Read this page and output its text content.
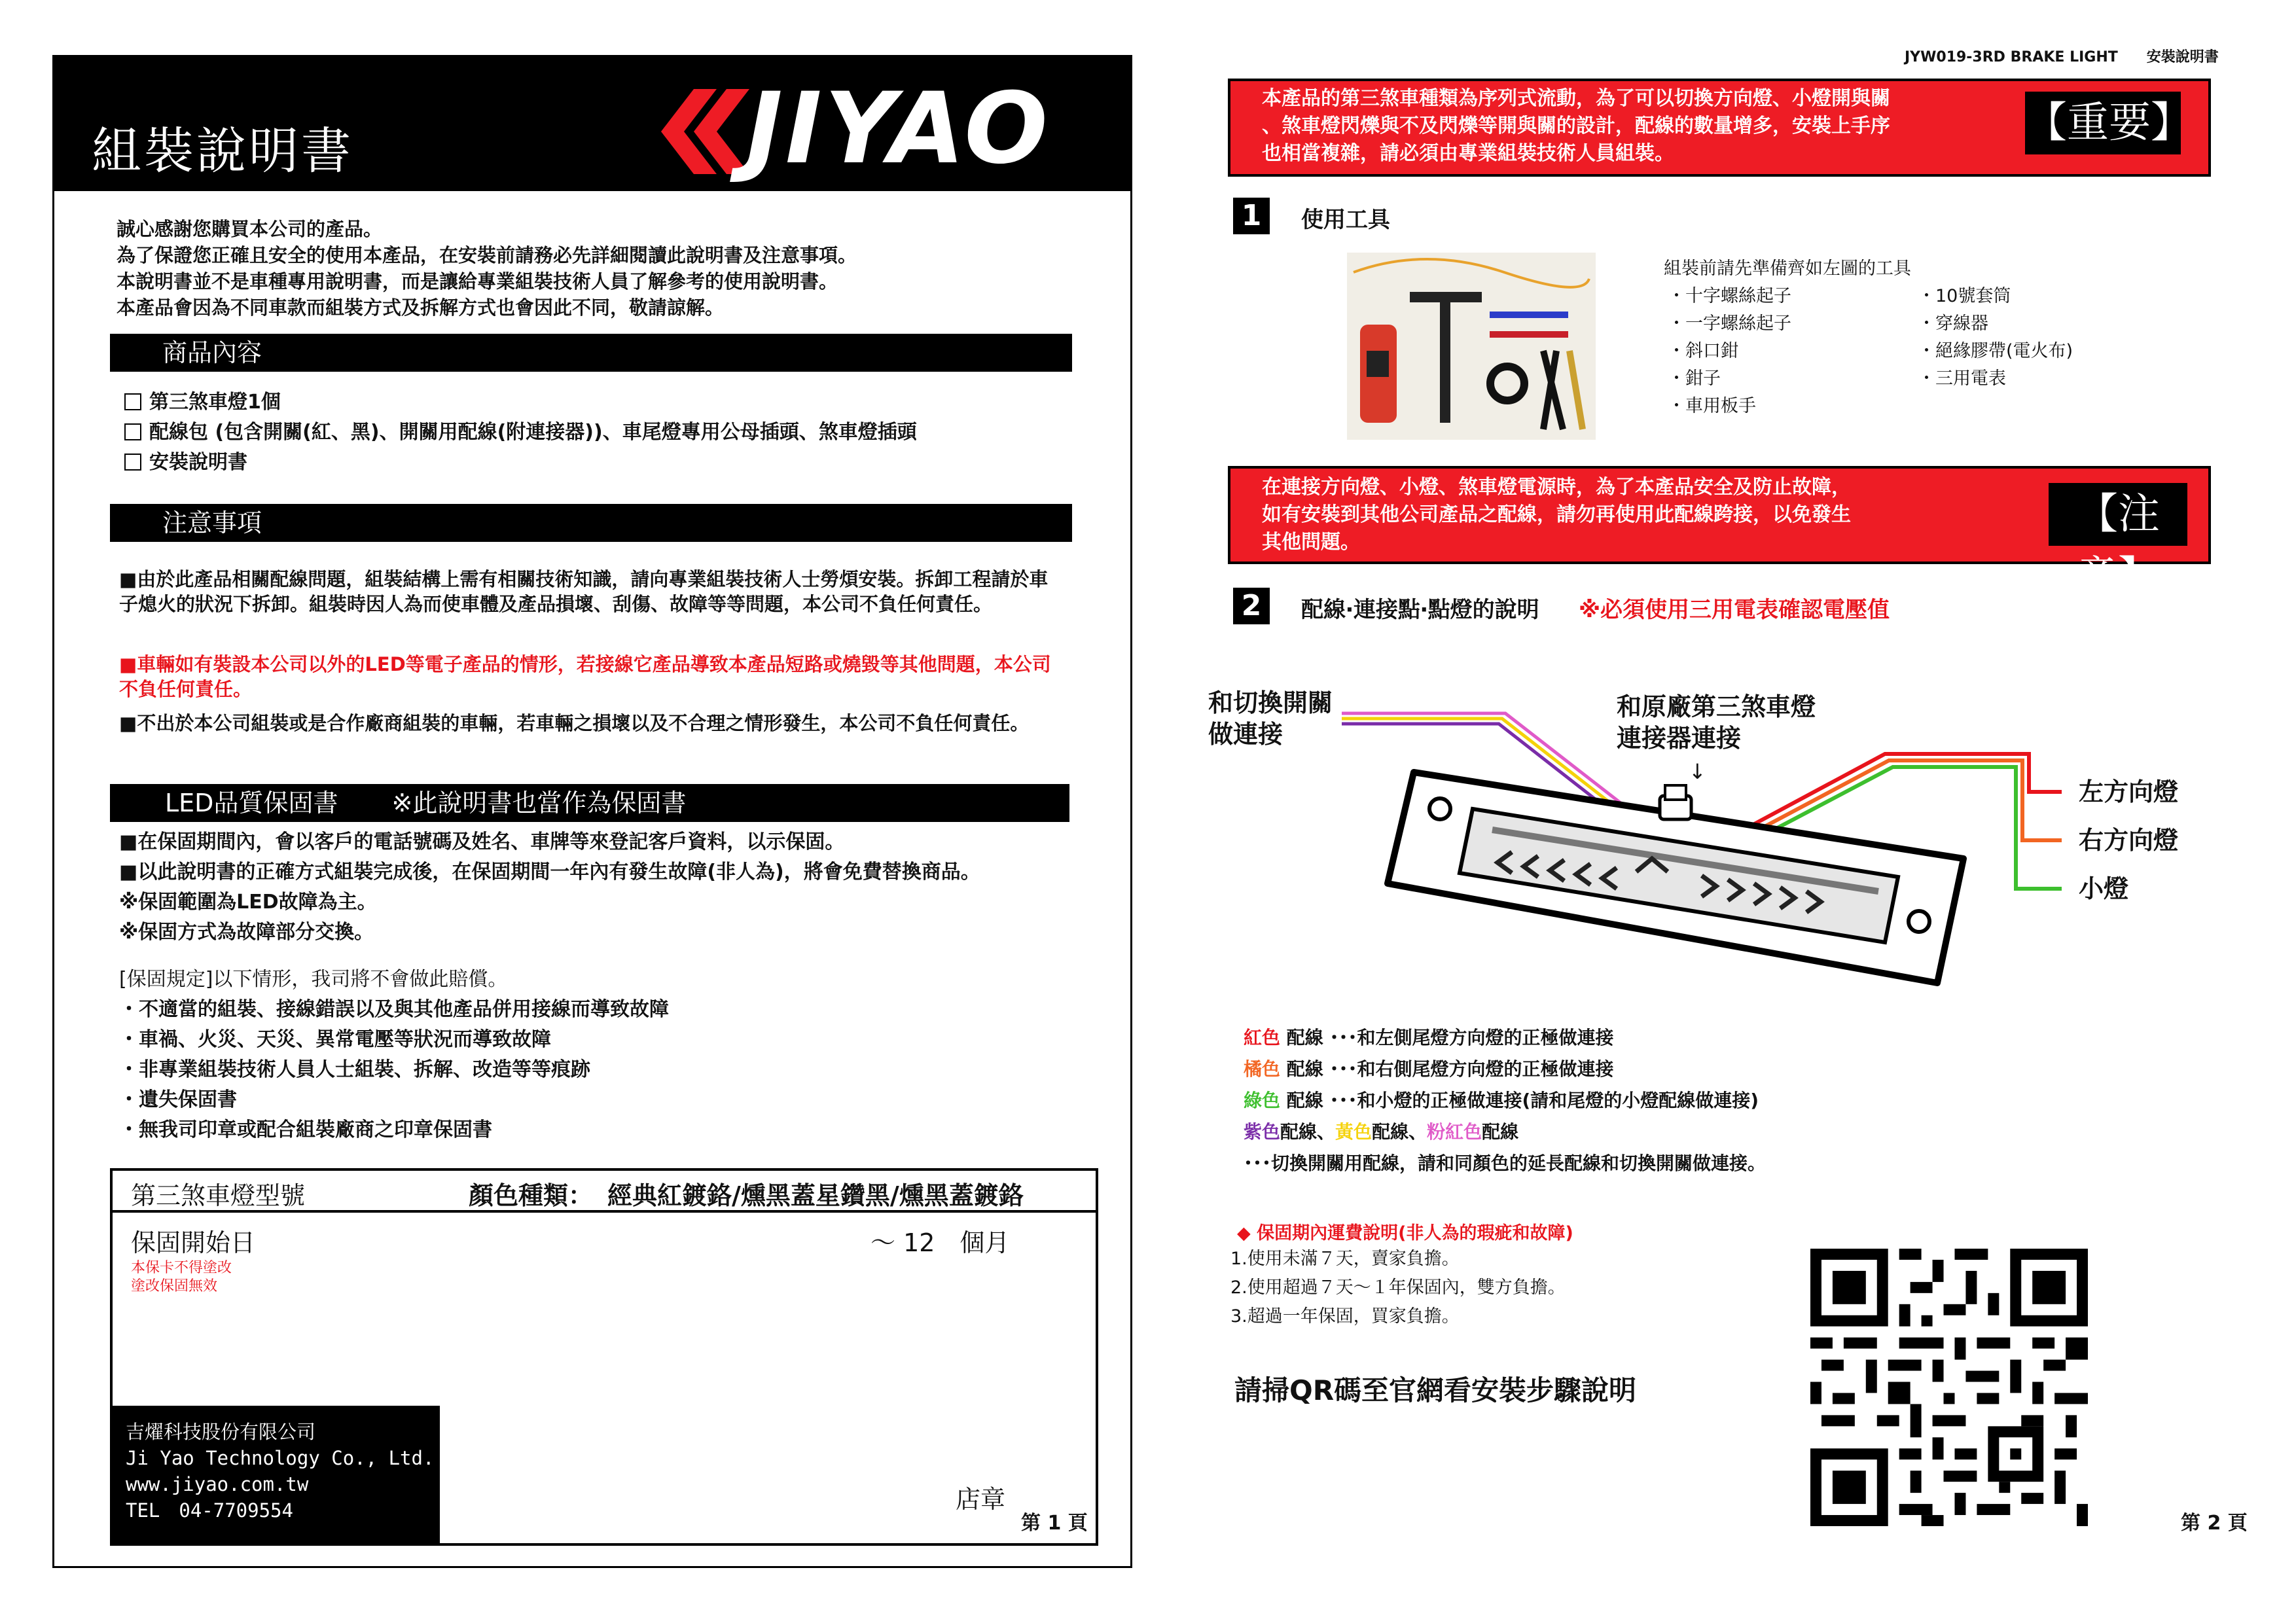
組裝說明書	JIYAO
誠心感謝您購買本公司的產品。
為了保證您正確且安全的使用本產品，在安裝前請務必先詳細閱讀此說明書及注意事項。
本說明書並不是車種專用說明書，而是讓給專業組裝技術人員了解參考的使用說明書。
本產品會因為不同車款而組裝方式及拆解方式也會因此不同，敬請諒解。
商品內容
第三煞車燈1個
配線包 (包含開關(紅、黑)、開關用配線(附連接器))、車尾燈專用公母插頭、煞車燈插頭
安裝說明書
注意事項
■由於此產品相關配線問題，組裝結構上需有相關技術知識，請向專業組裝技術人士勞煩安裝。拆卸工程請於車子熄火的狀況下拆卸。組裝時因人為而使車體及產品損壞、刮傷、故障等等問題，本公司不負任何責任。
■車輛如有裝設本公司以外的LED等電子產品的情形，若接線它產品導致本產品短路或燒毀等其他問題，本公司不負任何責任。
■不出於本公司組裝或是合作廠商組裝的車輛，若車輛之損壞以及不合理之情形發生，本公司不負任何責任。
LED品質保固書 ※此說明書也當作為保固書
■在保固期間內，會以客戶的電話號碼及姓名、車牌等來登記客戶資料，以示保固。
■以此說明書的正確方式組裝完成後，在保固期間一年內有發生故障(非人為)，將會免費替換商品。
※保固範圍為LED故障為主。
※保固方式為故障部分交換。
[保固規定]以下情形，我司將不會做此賠償。
・不適當的組裝、接線錯誤以及與其他產品併用接線而導致故障
・車禍、火災、天災、異常電壓等狀況而導致故障
・非專業組裝技術人員人士組裝、拆解、改造等等痕跡
・遺失保固書
・無我司印章或配合組裝廠商之印章保固書
第三煞車燈型號	顏色種類： 經典紅鍍鉻/燻黑蓋星鑽黑/燻黑蓋鍍鉻
保固開始日
本保卡不得塗改
塗改保固無效
～ 12　個月
吉燿科技股份有限公司
Ji Yao Technology Co., Ltd.
www.jiyao.com.tw
TEL　04-7709554	店章
第 1 頁
JYW019-3RD BRAKE LIGHT　　安裝說明書
本產品的第三煞車種類為序列式流動，為了可以切換方向燈、小燈開與關
、煞車燈閃爍與不及閃爍等開與關的設計，配線的數量增多，安裝上手序
也相當複雜，請必須由專業組裝技術人員組裝。
【重要】
1	使用工具
組裝前請先準備齊如左圖的工具
・十字螺絲起子
・一字螺絲起子
・斜口鉗
・鉗子
・車用板手
・10號套筒
・穿線器
・絕緣膠帶(電火布)
・三用電表
在連接方向燈、小燈、煞車燈電源時，為了本產品安全及防止故障，
如有安裝到其他公司產品之配線，請勿再使用此配線跨接，以免發生
其他問題。
【注意】
2	配線‧連接點‧點燈的說明 ※必須使用三用電表確認電壓值
和切換開關
做連接
和原廠第三煞車燈
連接器連接
↓
左方向燈
右方向燈
小燈
紅色 配線 ･･･和左側尾燈方向燈的正極做連接
橘色 配線 ･･･和右側尾燈方向燈的正極做連接
綠色 配線 ･･･和小燈的正極做連接(請和尾燈的小燈配線做連接)
紫色配線、黃色配線、粉紅色配線
･･･切換開關用配線，請和同顏色的延長配線和切換開關做連接。
◆ 保固期內運費說明(非人為的瑕疵和故障)
1.使用未滿７天，賣家負擔。
2.使用超過７天～１年保固內，雙方負擔。
3.超過一年保固，買家負擔。
請掃QR碼至官網看安裝步驟說明
第 2 頁
